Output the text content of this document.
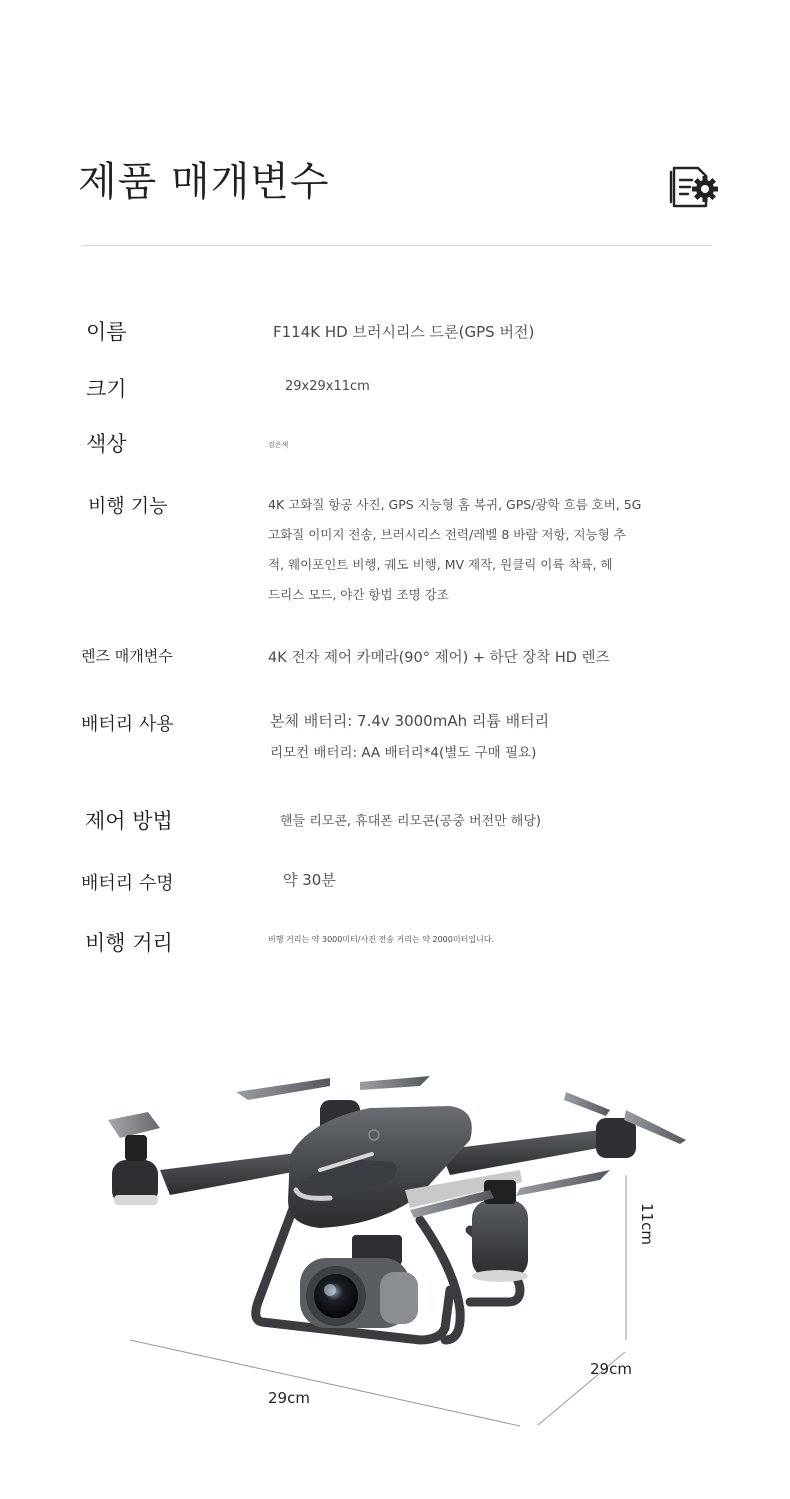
제품 매개변수
이름	F114K HD 브러시리스 드론(GPS 버전)
크기	29x29x11cm
색상	검은색
비행 기능	4K 고화질 항공 사진, GPS 지능형 홈 복귀, GPS/광학 흐름 호버, 5G
고화질 이미지 전송, 브러시리스 전력/레벨 8 바람 저항, 지능형 추
적, 웨이포인트 비행, 궤도 비행, MV 제작, 원클릭 이륙 착륙, 헤
드리스 모드, 야간 항법 조명 강조
렌즈 매개변수	4K 전자 제어 카메라(90° 제어) + 하단 장착 HD 렌즈
배터리 사용	본체 배터리: 7.4v 3000mAh 리튬 배터리
리모컨 배터리: AA 배터리*4(별도 구매 필요)
제어 방법	핸들 리모콘, 휴대폰 리모콘(공중 버전만 해당)
배터리 수명	약 30분
비행 거리	비행 거리는 약 3000미터/사진 전송 거리는 약 2000미터입니다.
11cm
29cm
29cm
